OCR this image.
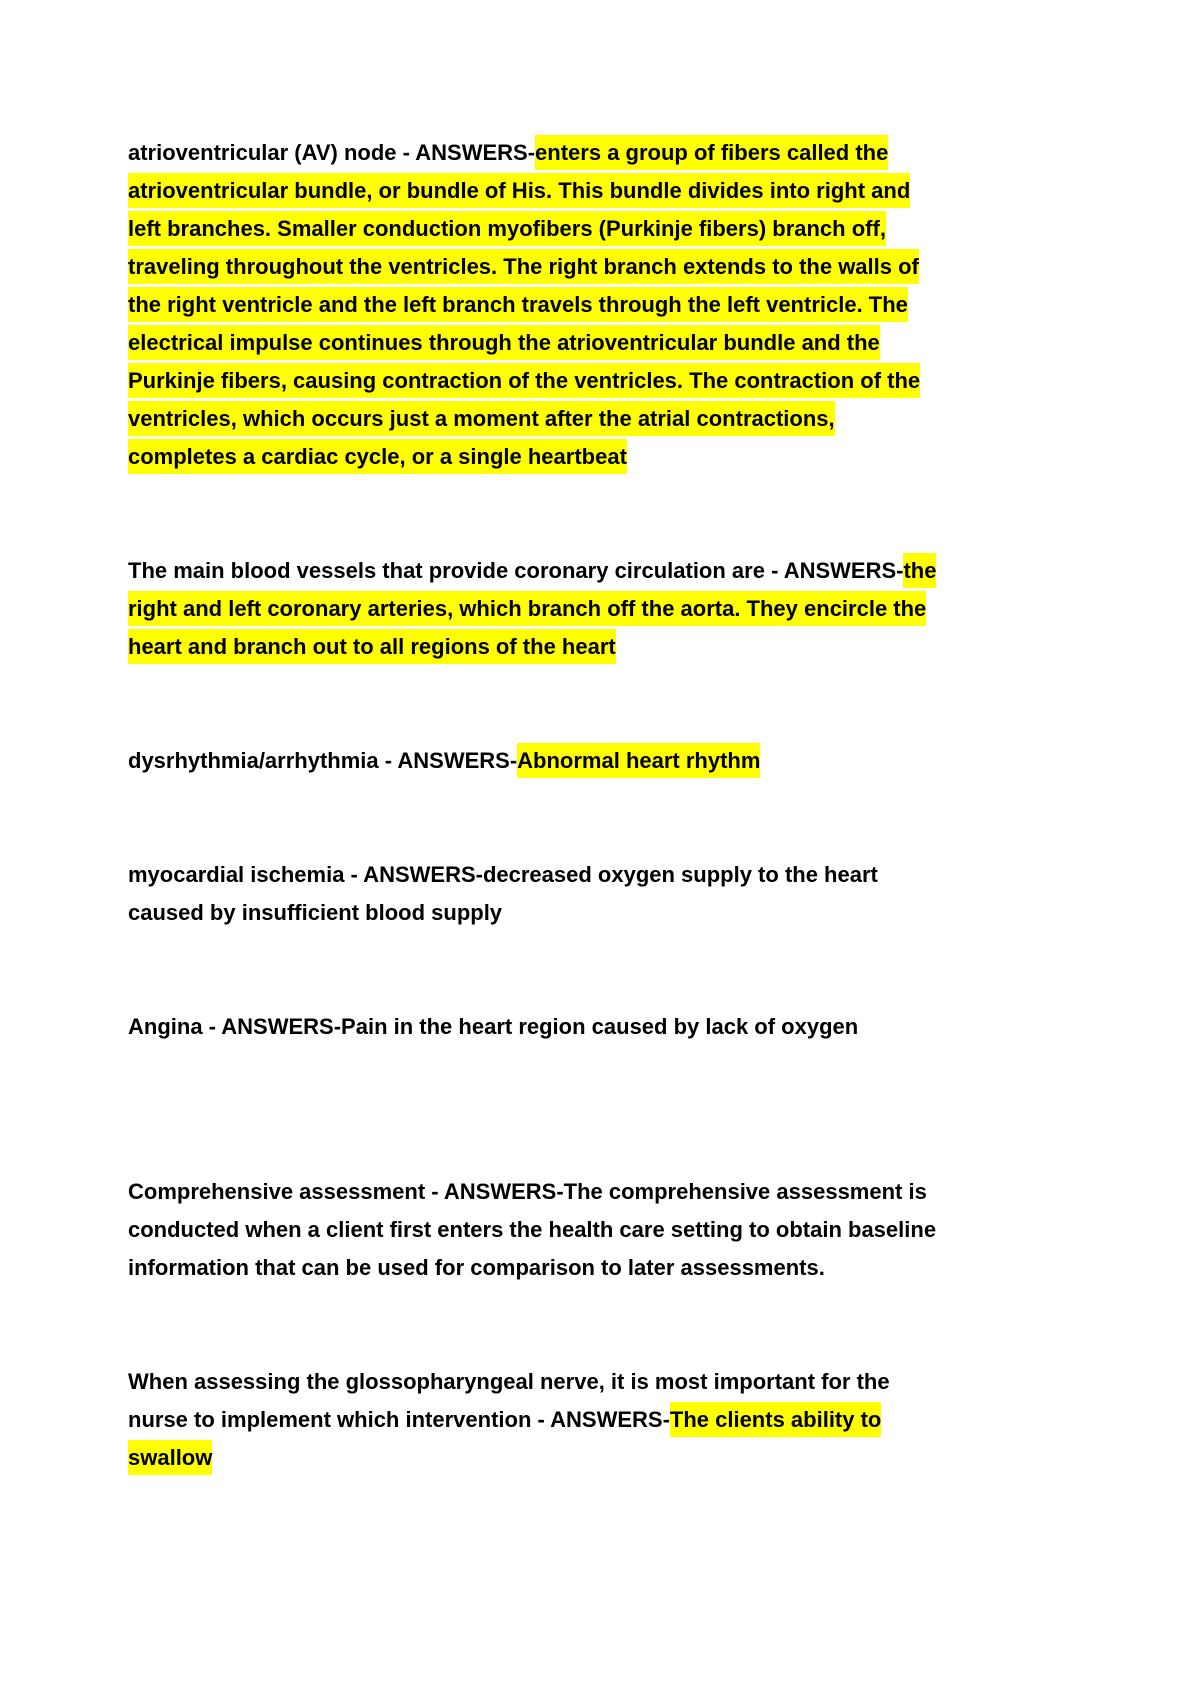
atrioventricular (AV) node - ANSWERS-enters a group of fibers called the
atrioventricular bundle, or bundle of His. This bundle divides into right and
left branches. Smaller conduction myofibers (Purkinje fibers) branch off,
traveling throughout the ventricles. The right branch extends to the walls of
the right ventricle and the left branch travels through the left ventricle. The
electrical impulse continues through the atrioventricular bundle and the
Purkinje fibers, causing contraction of the ventricles. The contraction of the
ventricles, which occurs just a moment after the atrial contractions,
completes a cardiac cycle, or a single heartbeat
The main blood vessels that provide coronary circulation are - ANSWERS-the
right and left coronary arteries, which branch off the aorta. They encircle the
heart and branch out to all regions of the heart
dysrhythmia/arrhythmia - ANSWERS-Abnormal heart rhythm
myocardial ischemia - ANSWERS-decreased oxygen supply to the heart
caused by insufficient blood supply
Angina - ANSWERS-Pain in the heart region caused by lack of oxygen
Comprehensive assessment - ANSWERS-The comprehensive assessment is
conducted when a client first enters the health care setting to obtain baseline
information that can be used for comparison to later assessments.
When assessing the glossopharyngeal nerve, it is most important for the
nurse to implement which intervention - ANSWERS-The clients ability to
swallow
